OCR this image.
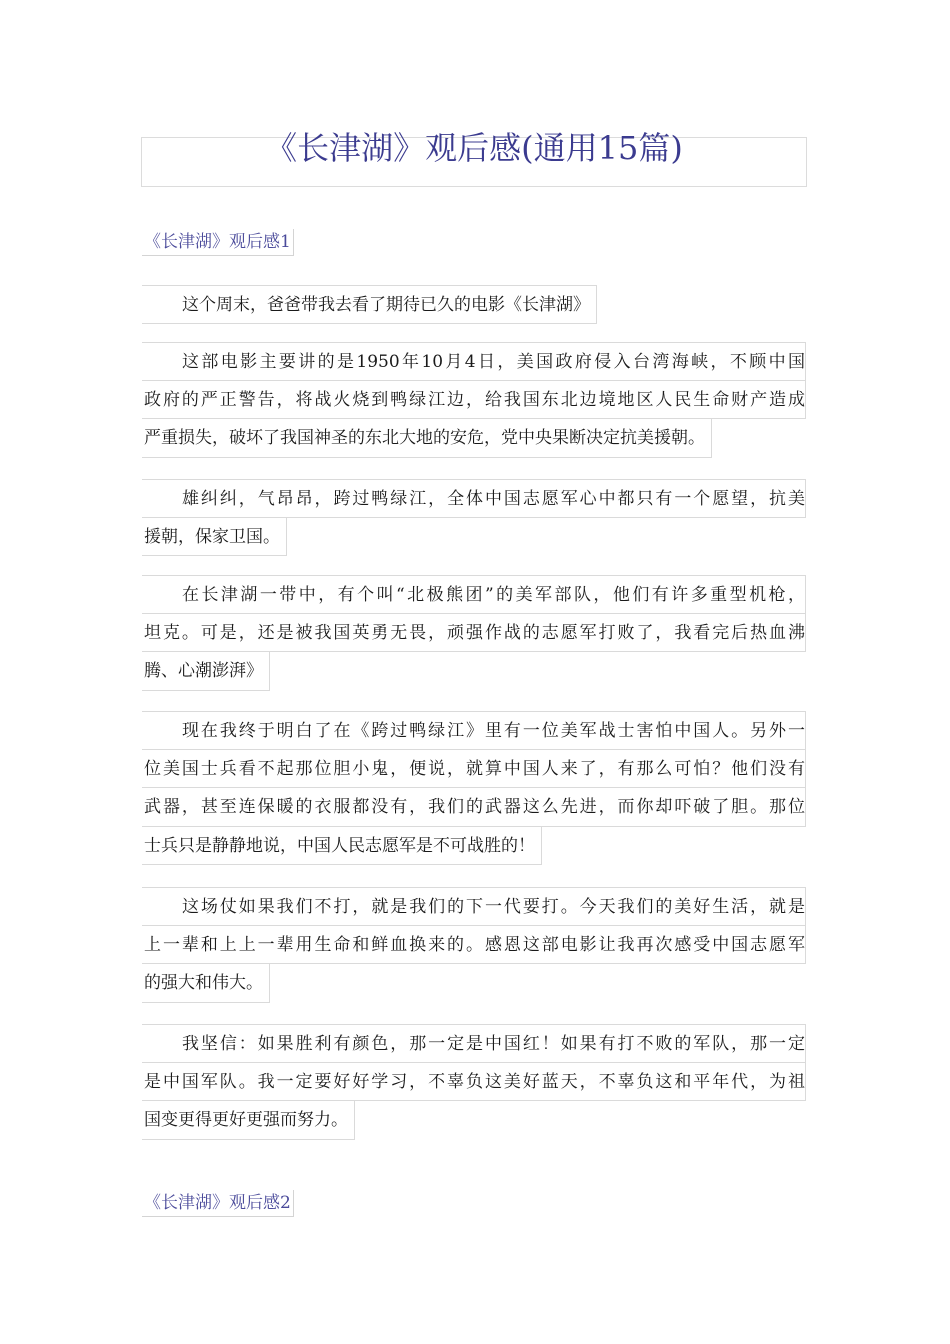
《长津湖》观后感(通用15篇)
《长津湖》观后感1
这个周末，爸爸带我去看了期待已久的电影《长津湖》
这部电影主要讲的是1950年10月4日，美国政府侵入台湾海峡，不顾中国
政府的严正警告，将战火烧到鸭绿江边，给我国东北边境地区人民生命财产造成
严重损失，破坏了我国神圣的东北大地的安危，党中央果断决定抗美援朝。
雄纠纠，气昂昂，跨过鸭绿江，全体中国志愿军心中都只有一个愿望，抗美
援朝，保家卫国。
在长津湖一带中，有个叫“北极熊团”的美军部队，他们有许多重型机枪，
坦克。可是，还是被我国英勇无畏，顽强作战的志愿军打败了，我看完后热血沸
腾、心潮澎湃》
现在我终于明白了在《跨过鸭绿江》里有一位美军战士害怕中国人。另外一
位美国士兵看不起那位胆小鬼，便说，就算中国人来了，有那么可怕？他们没有
武器，甚至连保暖的衣服都没有，我们的武器这么先进，而你却吓破了胆。那位
士兵只是静静地说，中国人民志愿军是不可战胜的！
这场仗如果我们不打，就是我们的下一代要打。今天我们的美好生活，就是
上一辈和上上一辈用生命和鲜血换来的。感恩这部电影让我再次感受中国志愿军
的强大和伟大。
我坚信：如果胜利有颜色，那一定是中国红！如果有打不败的军队，那一定
是中国军队。我一定要好好学习，不辜负这美好蓝天，不辜负这和平年代，为祖
国变更得更好更强而努力。
《长津湖》观后感2
